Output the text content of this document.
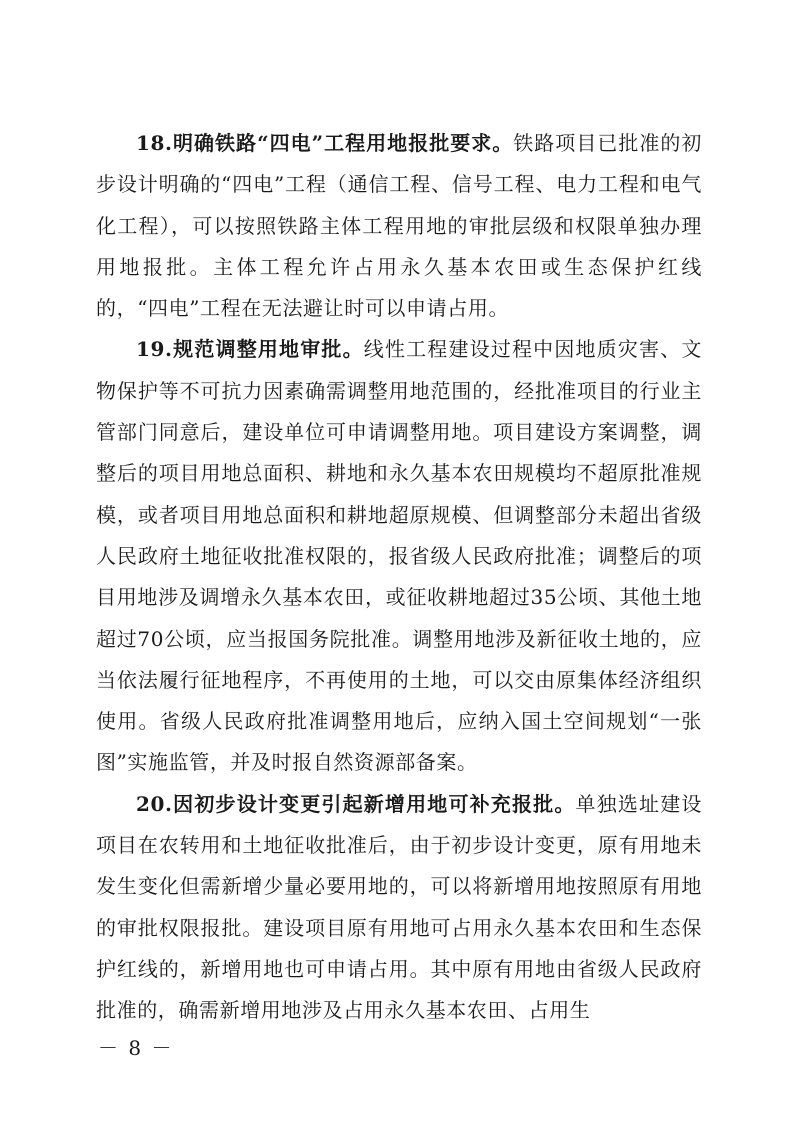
18.明确铁路“四电”工程用地报批要求。铁路项目已批准的初步设计明确的“四电”工程（通信工程、信号工程、电力工程和电气化工程），可以按照铁路主体工程用地的审批层级和权限单独办理用地报批。主体工程允许占用永久基本农田或生态保护红线的，“四电”工程在无法避让时可以申请占用。

19.规范调整用地审批。线性工程建设过程中因地质灾害、文物保护等不可抗力因素确需调整用地范围的，经批准项目的行业主管部门同意后，建设单位可申请调整用地。项目建设方案调整，调整后的项目用地总面积、耕地和永久基本农田规模均不超原批准规模，或者项目用地总面积和耕地超原规模、但调整部分未超出省级人民政府土地征收批准权限的，报省级人民政府批准；调整后的项目用地涉及调增永久基本农田，或征收耕地超过35公顷、其他土地超过70公顷，应当报国务院批准。调整用地涉及新征收土地的，应当依法履行征地程序，不再使用的土地，可以交由原集体经济组织使用。省级人民政府批准调整用地后，应纳入国土空间规划“一张图”实施监管，并及时报自然资源部备案。

20.因初步设计变更引起新增用地可补充报批。单独选址建设项目在农转用和土地征收批准后，由于初步设计变更，原有用地未发生变化但需新增少量必要用地的，可以将新增用地按照原有用地的审批权限报批。建设项目原有用地可占用永久基本农田和生态保护红线的，新增用地也可申请占用。其中原有用地由省级人民政府批准的，确需新增用地涉及占用永久基本农田、占用生

－ 8 －
